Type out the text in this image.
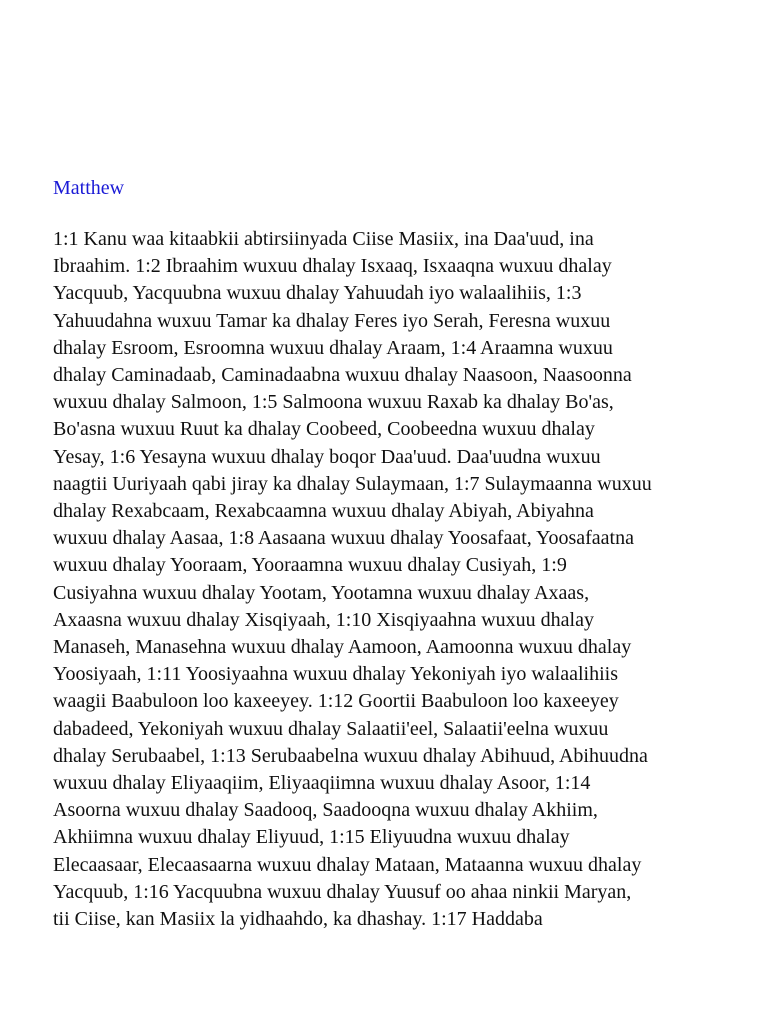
Matthew
1:1 Kanu waa kitaabkii abtirsiinyada Ciise Masiix, ina Daa'uud, ina
Ibraahim. 1:2 Ibraahim wuxuu dhalay Isxaaq, Isxaaqna wuxuu dhalay
Yacquub, Yacquubna wuxuu dhalay Yahuudah iyo walaalihiis, 1:3
Yahuudahna wuxuu Tamar ka dhalay Feres iyo Serah, Feresna wuxuu
dhalay Esroom, Esroomna wuxuu dhalay Araam, 1:4 Araamna wuxuu
dhalay Caminadaab, Caminadaabna wuxuu dhalay Naasoon, Naasoonna
wuxuu dhalay Salmoon, 1:5 Salmoona wuxuu Raxab ka dhalay Bo'as,
Bo'asna wuxuu Ruut ka dhalay Coobeed, Coobeedna wuxuu dhalay
Yesay, 1:6 Yesayna wuxuu dhalay boqor Daa'uud. Daa'uudna wuxuu
naagtii Uuriyaah qabi jiray ka dhalay Sulaymaan, 1:7 Sulaymaanna wuxuu
dhalay Rexabcaam, Rexabcaamna wuxuu dhalay Abiyah, Abiyahna
wuxuu dhalay Aasaa, 1:8 Aasaana wuxuu dhalay Yoosafaat, Yoosafaatna
wuxuu dhalay Yooraam, Yooraamna wuxuu dhalay Cusiyah, 1:9
Cusiyahna wuxuu dhalay Yootam, Yootamna wuxuu dhalay Axaas,
Axaasna wuxuu dhalay Xisqiyaah, 1:10 Xisqiyaahna wuxuu dhalay
Manaseh, Manasehna wuxuu dhalay Aamoon, Aamoonna wuxuu dhalay
Yoosiyaah, 1:11 Yoosiyaahna wuxuu dhalay Yekoniyah iyo walaalihiis
waagii Baabuloon loo kaxeeyey. 1:12 Goortii Baabuloon loo kaxeeyey
dabadeed, Yekoniyah wuxuu dhalay Salaatii'eel, Salaatii'eelna wuxuu
dhalay Serubaabel, 1:13 Serubaabelna wuxuu dhalay Abihuud, Abihuudna
wuxuu dhalay Eliyaaqiim, Eliyaaqiimna wuxuu dhalay Asoor, 1:14
Asoorna wuxuu dhalay Saadooq, Saadooqna wuxuu dhalay Akhiim,
Akhiimna wuxuu dhalay Eliyuud, 1:15 Eliyuudna wuxuu dhalay
Elecaasaar, Elecaasaarna wuxuu dhalay Mataan, Mataanna wuxuu dhalay
Yacquub, 1:16 Yacquubna wuxuu dhalay Yuusuf oo ahaa ninkii Maryan,
tii Ciise, kan Masiix la yidhaahdo, ka dhashay. 1:17 Haddaba
